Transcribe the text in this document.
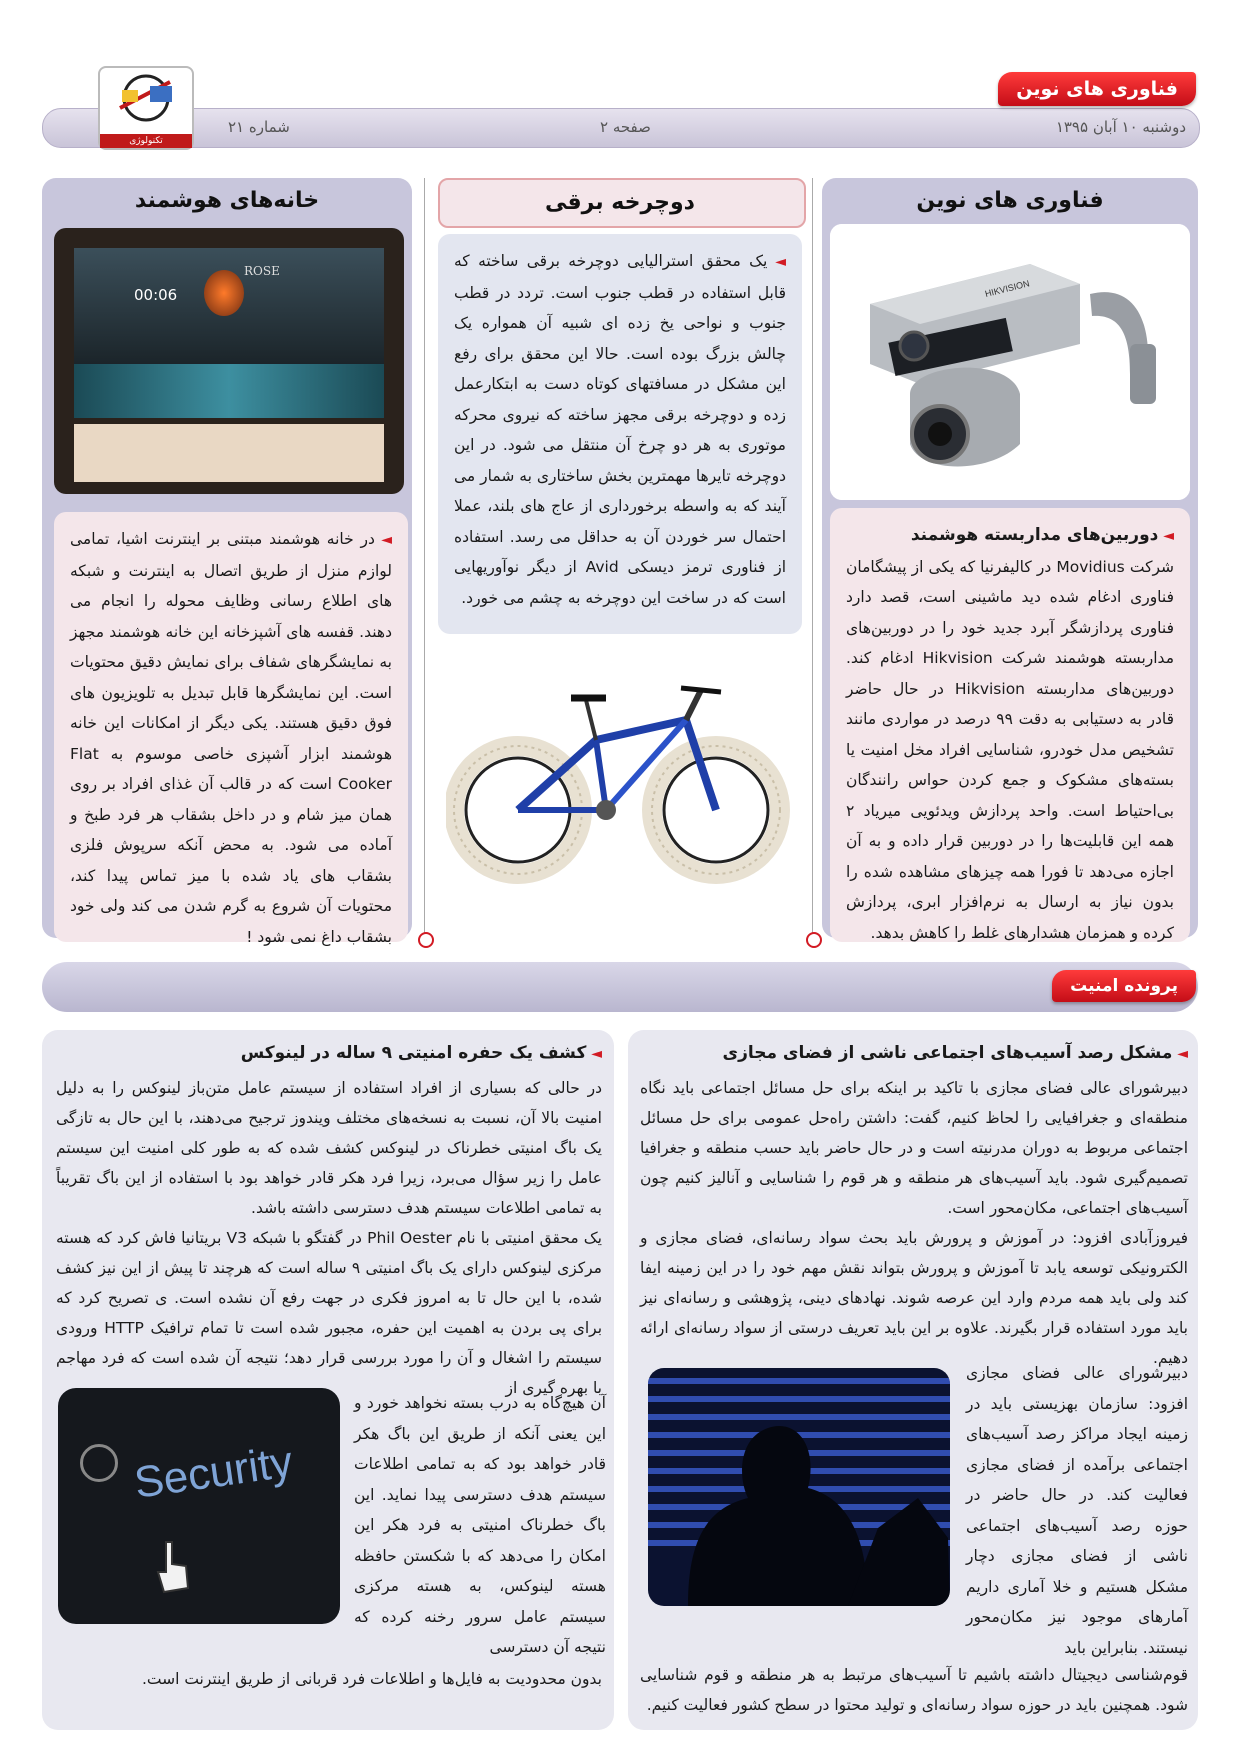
فناوری های نوین
دوشنبه ۱۰ آبان ۱۳۹۵
صفحه ۲
شماره ۲۱
تکنولوژی
فناوری های نوین
HIKVISION

◄ دوربین‌های مداربسته هوشمند

شرکت Movidius در کالیفرنیا که یکی از پیشگامان فناوری ادغام شده دید ماشینی است، قصد دارد فناوری پردازشگر آبرد جدید خود را در دوربین‌های مداربسته هوشمند شرکت Hikvision ادغام کند. دوربین‌های مداربسته Hikvision در حال حاضر قادر به دستیابی به دقت ۹۹ درصد در مواردی مانند تشخیص مدل خودرو، شناسایی افراد مخل امنیت یا بسته‌های مشکوک و جمع کردن حواس رانندگان بی‌احتیاط است. واحد پردازش ویدئویی میریاد ۲ همه این قابلیت‌ها را در دوربین قرار داده و به آن اجازه می‌دهد تا فورا همه چیزهای مشاهده شده را بدون نیاز به ارسال به نرم‌افزار ابری، پردازش کرده و همزمان هشدارهای غلط را کاهش بدهد.

دوچرخه برقی

◄ یک محقق استرالیایی دوچرخه برقی ساخته که قابل استفاده در قطب جنوب است. تردد در قطب جنوب و نواحی یخ زده ای شبیه آن همواره یک چالش بزرگ بوده است. حالا این محقق برای رفع این مشکل در مسافتهای کوتاه دست به ابتکارعمل زده و دوچرخه برقی مجهز ساخته که نیروی محرکه موتوری به هر دو چرخ آن منتقل می شود. در این دوچرخه تایرها مهمترین بخش ساختاری به شمار می آیند که به واسطه برخورداری از عاج های بلند، عملا احتمال سر خوردن آن به حداقل می رسد. استفاده از فناوری ترمز دیسکی Avid از دیگر نوآوریهایی است که در ساخت این دوچرخه به چشم می خورد.

خانه‌های هوشمند
00:06
ROSE

◄ در خانه هوشمند مبتنی بر اینترنت اشیا، تمامی لوازم منزل از طریق اتصال به اینترنت و شبکه های اطلاع رسانی وظایف محوله را انجام می دهند. قفسه های آشپزخانه این خانه هوشمند مجهز به نمایشگرهای شفاف برای نمایش دقیق محتویات است. این نمایشگرها قابل تبدیل به تلویزیون های فوق دقیق هستند. یکی دیگر از امکانات این خانه هوشمند ابزار آشپزی خاصی موسوم به Flat Cooker است که در قالب آن غذای افراد بر روی همان میز شام و در داخل بشقاب هر فرد طبخ و آماده می شود. به محض آنکه سرپوش فلزی بشقاب های یاد شده با میز تماس پیدا کند، محتویات آن شروع به گرم شدن می کند ولی خود بشقاب داغ نمی شود !

پرونده امنیت

◄ مشکل رصد آسیب‌های اجتماعی ناشی از فضای مجازی

دبیرشورای عالی فضای مجازی با تاکید بر اینکه برای حل مسائل اجتماعی باید نگاه منطقه‌ای و جغرافیایی را لحاظ کنیم، گفت: داشتن راه‌حل عمومی برای حل مسائل اجتماعی مربوط به دوران مدرنیته است و در حال حاضر باید حسب منطقه و جغرافیا تصمیم‌گیری شود. باید آسیب‌های هر منطقه و هر قوم را شناسایی و آنالیز کنیم چون آسیب‌های اجتماعی، مکان‌محور است.

فیروزآبادی افزود: در آموزش و پرورش باید بحث سواد رسانه‌ای، فضای مجازی و الکترونیکی توسعه یابد تا آموزش و پرورش بتواند نقش مهم خود را در این زمینه ایفا کند ولی باید همه مردم وارد این عرصه شوند. نهادهای دینی، پژوهشی و رسانه‌ای نیز باید مورد استفاده قرار بگیرند. علاوه بر این باید تعریف درستی از سواد رسانه‌ای ارائه دهیم.

دبیرشورای عالی فضای مجازی افزود: سازمان بهزیستی باید در زمینه ایجاد مراکز رصد آسیب‌های اجتماعی برآمده از فضای مجازی فعالیت کند. در حال حاضر در حوزه رصد آسیب‌های اجتماعی ناشی از فضای مجازی دچار مشکل هستیم و خلا آماری داریم آمارهای موجود نیز مکان‌محور نیستند. بنابراین باید
قوم‌شناسی دیجیتال داشته باشیم تا آسیب‌های مرتبط به هر منطقه و قوم شناسایی شود. همچنین باید در حوزه سواد رسانه‌ای و تولید محتوا در سطح کشور فعالیت کنیم.

◄ کشف یک حفره امنیتی ۹ ساله در لینوکس

در حالی که بسیاری از افراد استفاده از سیستم عامل متن‌باز لینوکس را به دلیل امنیت بالا آن، نسبت به نسخه‌های مختلف ویندوز ترجیح می‌دهند، با این حال به تازگی یک باگ امنیتی خطرناک در لینوکس کشف شده که به طور کلی امنیت این سیستم عامل را زیر سؤال می‌برد، زیرا فرد هکر قادر خواهد بود با استفاده از این باگ تقریباً به تمامی اطلاعات سیستم هدف دسترسی داشته باشد.

یک محقق امنیتی با نام Phil Oester در گفتگو با شبکه V3 بریتانیا فاش کرد که هسته مرکزی لینوکس دارای یک باگ امنیتی ۹ ساله است که هرچند تا پیش از این نیز کشف شده، با این حال تا به امروز فکری در جهت رفع آن نشده است. ی تصریح کرد که برای پی بردن به اهمیت این حفره، مجبور شده است تا تمام ترافیک HTTP ورودی سیستم را اشغال و آن را مورد بررسی قرار دهد؛ نتیجه آن شده است که فرد مهاجم با بهره گیری از

Security
آن هیچ‌گاه به درب بسته نخواهد خورد و این یعنی آنکه از طریق این باگ هکر قادر خواهد بود که به تمامی اطلاعات سیستم هدف دسترسی پیدا نماید. این باگ خطرناک امنیتی به فرد هکر این امکان را می‌دهد که با شکستن حافظه هسته لینوکس، به هسته مرکزی سیستم عامل سرور رخنه کرده که نتیجه آن دسترسی
بدون محدودیت به فایل‌ها و اطلاعات فرد قربانی از طریق اینترنت است.
